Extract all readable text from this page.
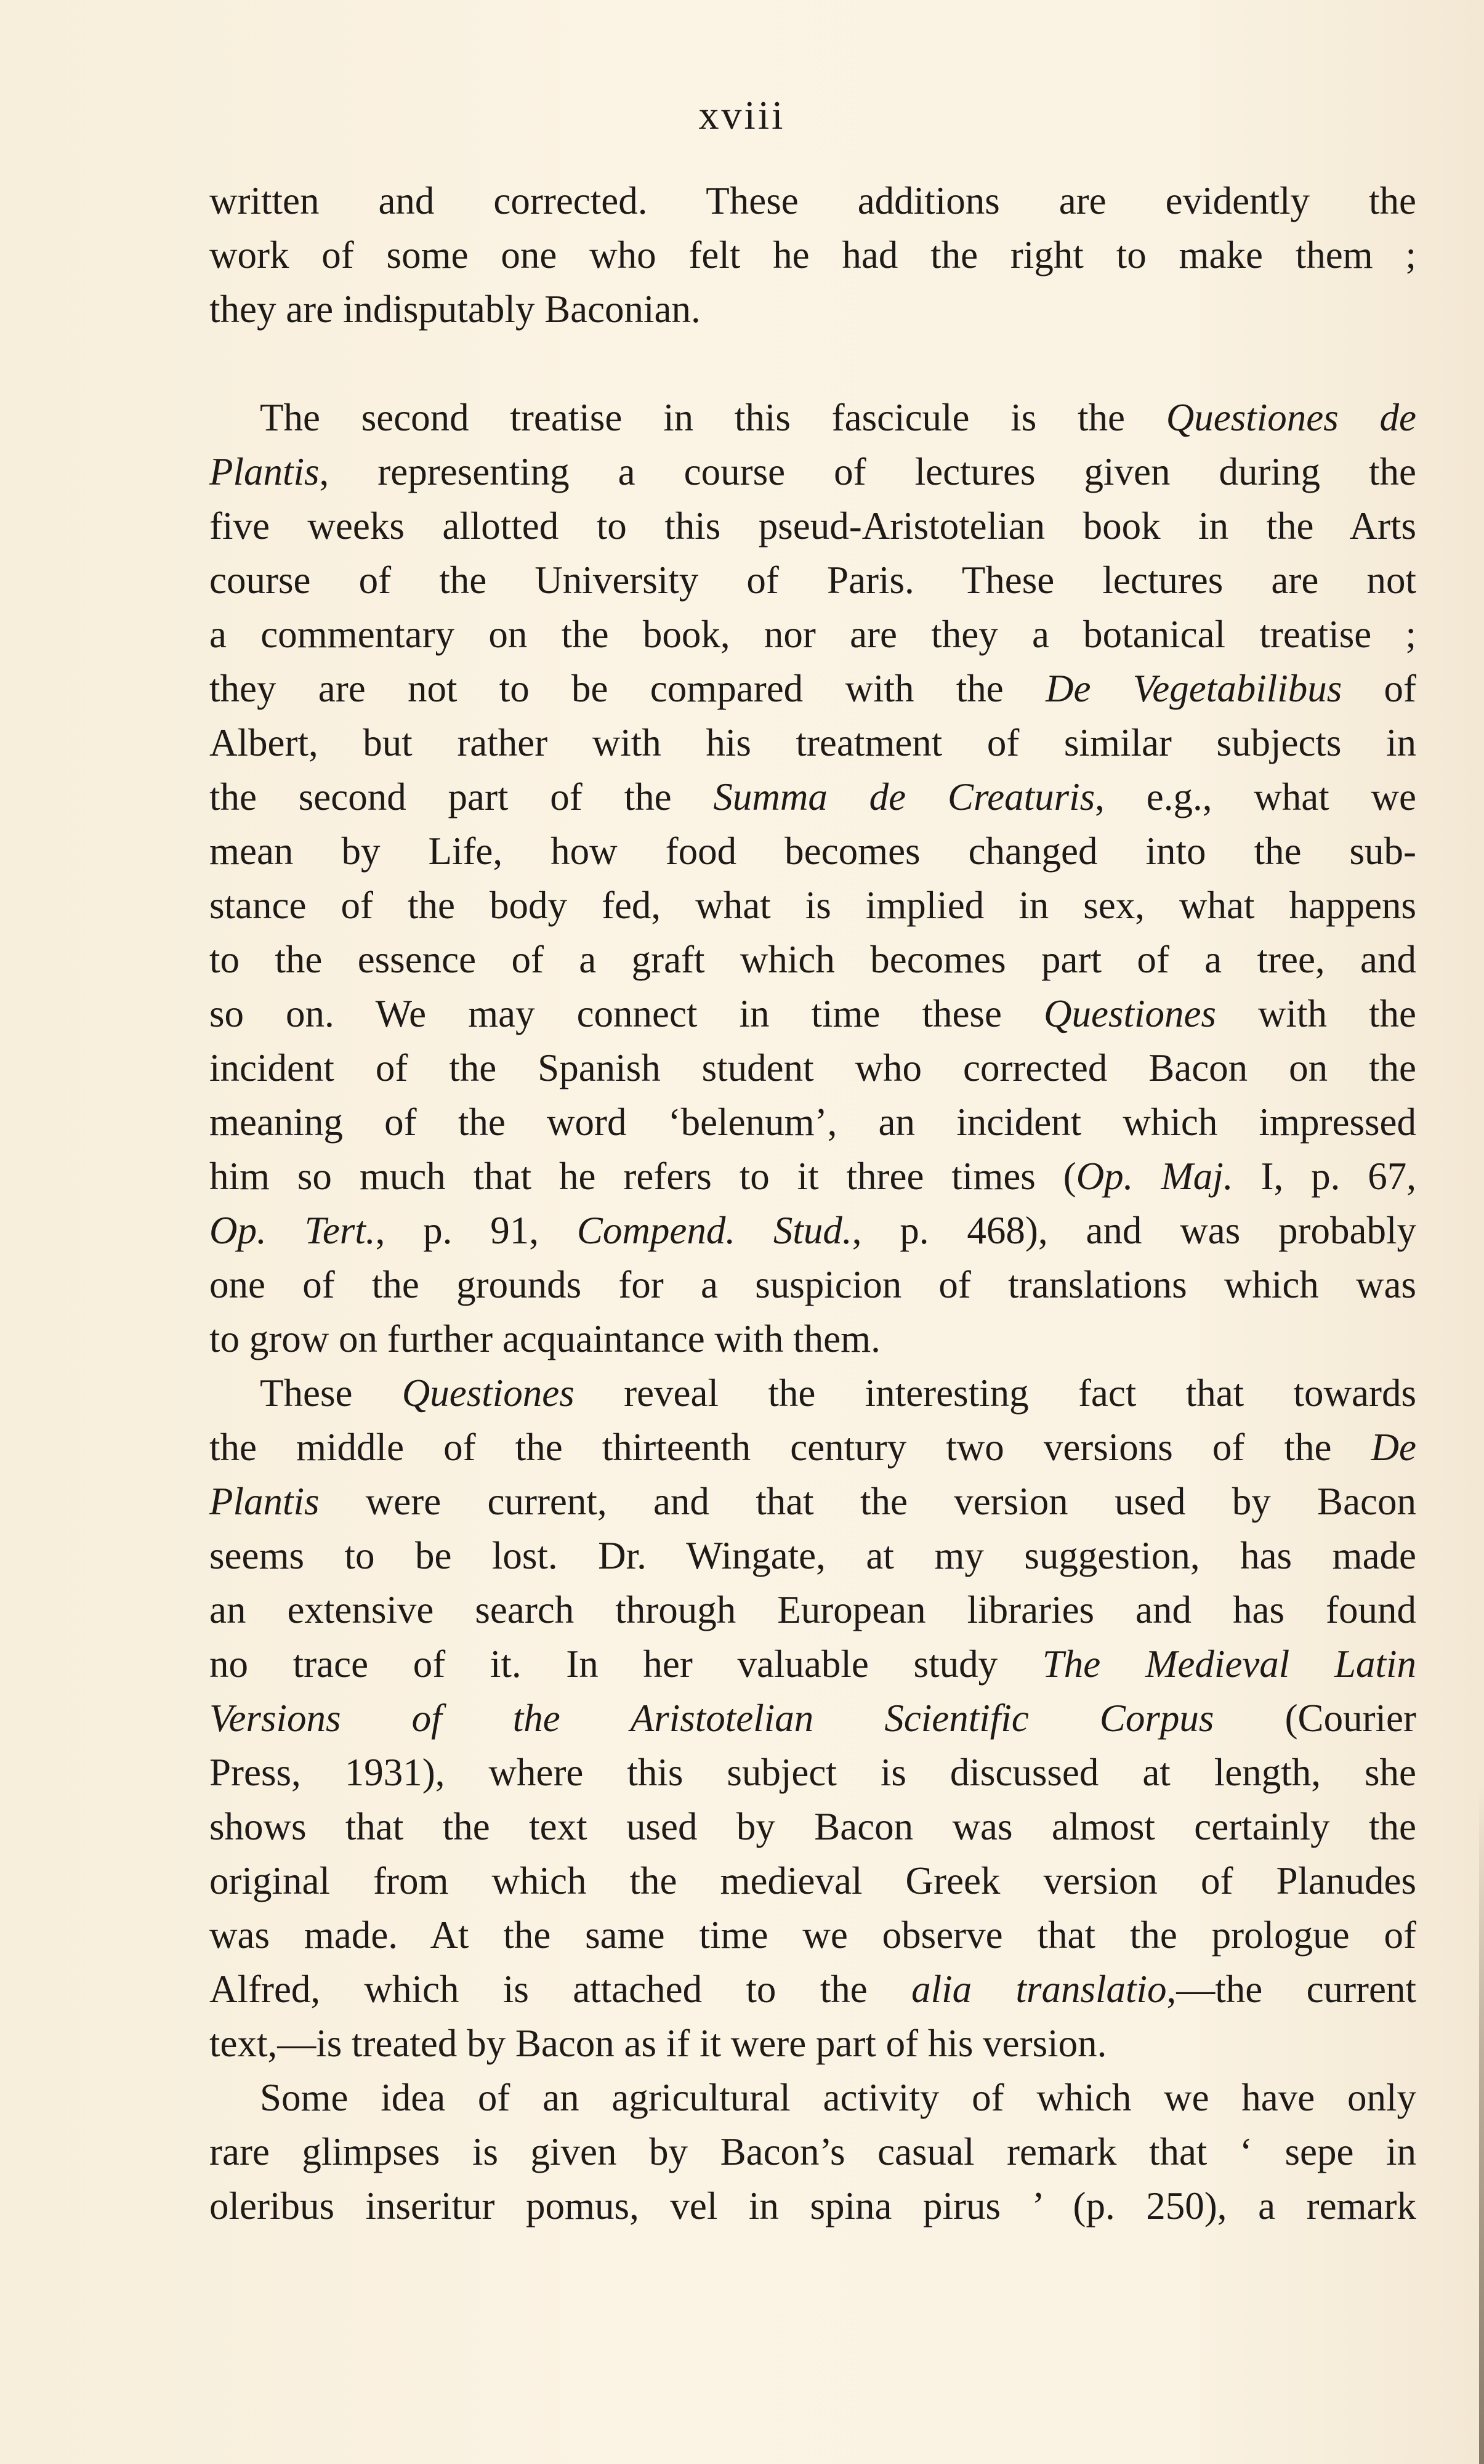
xviii
written and corrected. These additions are evidently the
work of some one who felt he had the right to make them ;
they are indisputably Baconian.
The second treatise in this fascicule is the Questiones de
Plantis, representing a course of lectures given during the
five weeks allotted to this pseud-Aristotelian book in the Arts
course of the University of Paris. These lectures are not
a commentary on the book, nor are they a botanical treatise ;
they are not to be compared with the De Vegetabilibus of
Albert, but rather with his treatment of similar subjects in
the second part of the Summa de Creaturis, e.g., what we
mean by Life, how food becomes changed into the sub-
stance of the body fed, what is implied in sex, what happens
to the essence of a graft which becomes part of a tree, and
so on. We may connect in time these Questiones with the
incident of the Spanish student who corrected Bacon on the
meaning of the word ‘belenum’, an incident which impressed
him so much that he refers to it three times (Op. Maj. I, p. 67,
Op. Tert., p. 91, Compend. Stud., p. 468), and was probably
one of the grounds for a suspicion of translations which was
to grow on further acquaintance with them.
These Questiones reveal the interesting fact that towards
the middle of the thirteenth century two versions of the De
Plantis were current, and that the version used by Bacon
seems to be lost. Dr. Wingate, at my suggestion, has made
an extensive search through European libraries and has found
no trace of it. In her valuable study The Medieval Latin
Versions of the Aristotelian Scientific Corpus (Courier
Press, 1931), where this subject is discussed at length, she
shows that the text used by Bacon was almost certainly the
original from which the medieval Greek version of Planudes
was made. At the same time we observe that the prologue of
Alfred, which is attached to the alia translatio,—the current
text,—is treated by Bacon as if it were part of his version.
Some idea of an agricultural activity of which we have only
rare glimpses is given by Bacon’s casual remark that ‘ sepe in
oleribus inseritur pomus, vel in spina pirus ’ (p. 250), a remark
